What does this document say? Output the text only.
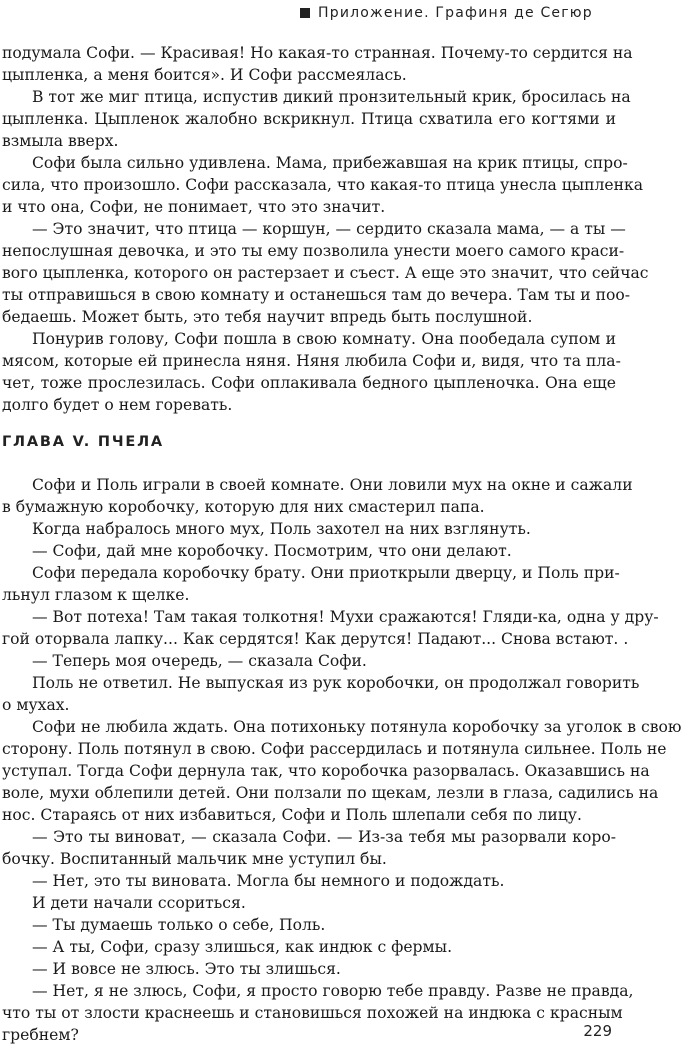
Приложение. Графиня де Сегюр
подумала Софи. — Красивая! Но какая-то странная. Почему-то сердится на
цыпленка, а меня боится». И Софи рассмеялась.
В тот же миг птица, испустив дикий пронзительный крик, бросилась на
цыпленка. Цыпленок жалобно вскрикнул. Птица схватила его когтями и
взмыла вверх.
Софи была сильно удивлена. Мама, прибежавшая на крик птицы, спро-
сила, что произошло. Софи рассказала, что какая-то птица унесла цыпленка
и что она, Софи, не понимает, что это значит.
— Это значит, что птица — коршун, — сердито сказала мама, — а ты —
непослушная девочка, и это ты ему позволила унести моего самого краси-
вого цыпленка, которого он растерзает и съест. А еще это значит, что сейчас
ты отправишься в свою комнату и останешься там до вечера. Там ты и поо-
бедаешь. Может быть, это тебя научит впредь быть послушной.
Понурив голову, Софи пошла в свою комнату. Она пообедала супом и
мясом, которые ей принесла няня. Няня любила Софи и, видя, что та пла-
чет, тоже прослезилась. Софи оплакивала бедного цыпленочка. Она еще
долго будет о нем горевать.
ГЛАВА V. ПЧЕЛА
Софи и Поль играли в своей комнате. Они ловили мух на окне и сажали
в бумажную коробочку, которую для них смастерил папа.
Когда набралось много мух, Поль захотел на них взглянуть.
— Софи, дай мне коробочку. Посмотрим, что они делают.
Софи передала коробочку брату. Они приоткрыли дверцу, и Поль при-
льнул глазом к щелке.
— Вот потеха! Там такая толкотня! Мухи сражаются! Гляди-ка, одна у дру-
гой оторвала лапку... Как сердятся! Как дерутся! Падают... Снова встают. .
— Теперь моя очередь, — сказала Софи.
Поль не ответил. Не выпуская из рук коробочки, он продолжал говорить
о мухах.
Софи не любила ждать. Она потихоньку потянула коробочку за уголок в свою
сторону. Поль потянул в свою. Софи рассердилась и потянула сильнее. Поль не
уступал. Тогда Софи дернула так, что коробочка разорвалась. Оказавшись на
воле, мухи облепили детей. Они ползали по щекам, лезли в глаза, садились на
нос. Стараясь от них избавиться, Софи и Поль шлепали себя по лицу.
— Это ты виноват, — сказала Софи. — Из-за тебя мы разорвали коро-
бочку. Воспитанный мальчик мне уступил бы.
— Нет, это ты виновата. Могла бы немного и подождать.
И дети начали ссориться.
— Ты думаешь только о себе, Поль.
— А ты, Софи, сразу злишься, как индюк с фермы.
— И вовсе не злюсь. Это ты злишься.
— Нет, я не злюсь, Софи, я просто говорю тебе правду. Разве не правда,
что ты от злости краснеешь и становишься похожей на индюка с красным
гребнем?	229
